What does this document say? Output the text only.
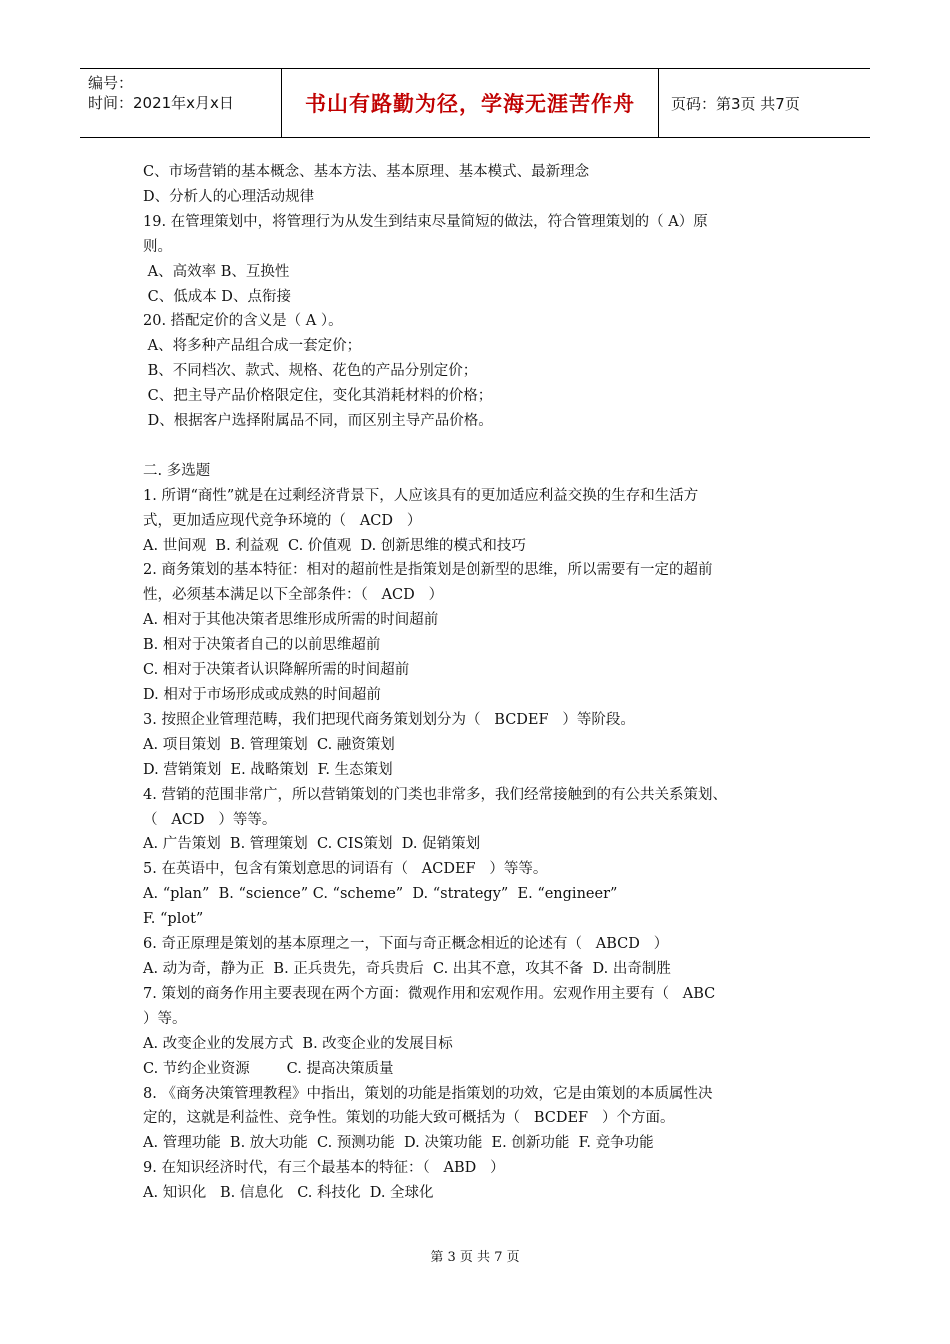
编号：
时间：2021年x月x日	书山有路勤为径，学海无涯苦作舟	页码：第3页 共7页
C、市场营销的基本概念、基本方法、基本原理、基本模式、最新理念
D、分析人的心理活动规律
19. 在管理策划中，将管理行为从发生到结束尽量简短的做法，符合管理策划的（ A）原
则。
A、高效率 B、互换性
C、低成本 D、点衔接
20. 搭配定价的含义是（ A ）。
A、将多种产品组合成一套定价；
B、不同档次、款式、规格、花色的产品分别定价；
C、把主导产品价格限定住，变化其消耗材料的价格；
D、根据客户选择附属品不同，而区别主导产品价格。
二. 多选题
1. 所谓“商性”就是在过剩经济背景下，人应该具有的更加适应利益交换的生存和生活方
式，更加适应现代竞争环境的（   ACD   ）
A. 世间观  B. 利益观  C. 价值观  D. 创新思维的模式和技巧
2. 商务策划的基本特征：相对的超前性是指策划是创新型的思维，所以需要有一定的超前
性，必须基本满足以下全部条件：（   ACD   ）
A. 相对于其他决策者思维形成所需的时间超前
B. 相对于决策者自己的以前思维超前
C. 相对于决策者认识降解所需的时间超前
D. 相对于市场形成或成熟的时间超前
3. 按照企业管理范畴，我们把现代商务策划划分为（   BCDEF   ）等阶段。
A. 项目策划  B. 管理策划  C. 融资策划
D. 营销策划  E. 战略策划  F. 生态策划
4. 营销的范围非常广，所以营销策划的门类也非常多，我们经常接触到的有公共关系策划、
（   ACD   ）等等。
A. 广告策划  B. 管理策划  C. CIS策划  D. 促销策划
5. 在英语中，包含有策划意思的词语有（   ACDEF   ）等等。
A. “plan”  B. “science” C. “scheme”  D. “strategy”  E. “engineer”
F. “plot”
6. 奇正原理是策划的基本原理之一，下面与奇正概念相近的论述有（   ABCD   ）
A. 动为奇，静为正  B. 正兵贵先，奇兵贵后  C. 出其不意，攻其不备  D. 出奇制胜
7. 策划的商务作用主要表现在两个方面：微观作用和宏观作用。宏观作用主要有（   ABC
）等。
A. 改变企业的发展方式  B. 改变企业的发展目标
C. 节约企业资源        C. 提高决策质量
8. 《商务决策管理教程》中指出，策划的功能是指策划的功效，它是由策划的本质属性决
定的，这就是利益性、竞争性。策划的功能大致可概括为（   BCDEF   ）个方面。
A. 管理功能  B. 放大功能  C. 预测功能  D. 决策功能  E. 创新功能  F. 竞争功能
9. 在知识经济时代，有三个最基本的特征：（   ABD   ）
A. 知识化   B. 信息化   C. 科技化  D. 全球化
第 3 页 共 7 页
